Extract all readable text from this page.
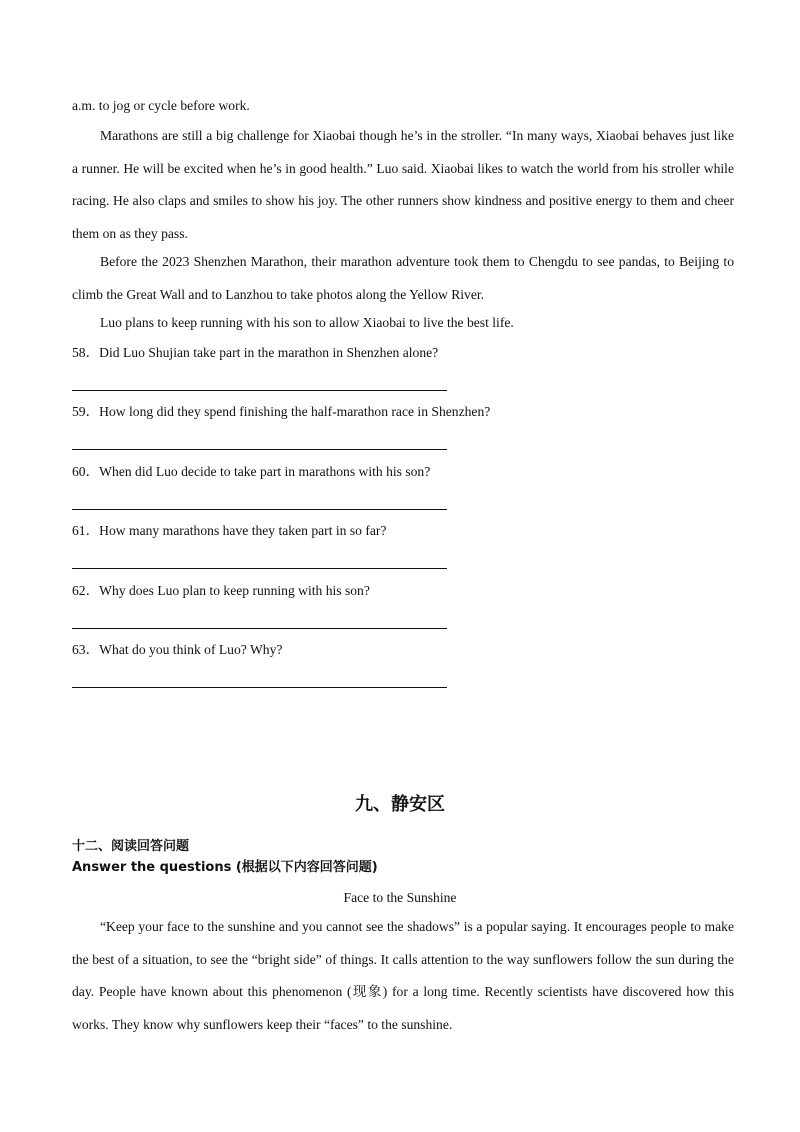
a.m. to jog or cycle before work.

Marathons are still a big challenge for Xiaobai though he’s in the stroller. “In many ways, Xiaobai behaves just like a runner. He will be excited when he’s in good health.” Luo said. Xiaobai likes to watch the world from his stroller while racing. He also claps and smiles to show his joy. The other runners show kindness and positive energy to them and cheer them on as they pass.

Before the 2023 Shenzhen Marathon, their marathon adventure took them to Chengdu to see pandas, to Beijing to climb the Great Wall and to Lanzhou to take photos along the Yellow River.

Luo plans to keep running with his son to allow Xiaobai to live the best life.

58．Did Luo Shujian take part in the marathon in Shenzhen alone?
59．How long did they spend finishing the half-marathon race in Shenzhen?
60．When did Luo decide to take part in marathons with his son?
61．How many marathons have they taken part in so far?
62．Why does Luo plan to keep running with his son?
63．What do you think of Luo? Why?
九、静安区
十二、阅读回答问题
Answer the questions (根据以下内容回答问题)
Face to the Sunshine

“Keep your face to the sunshine and you cannot see the shadows” is a popular saying. It encourages people to make the best of a situation, to see the “bright side” of things. It calls attention to the way sunflowers follow the sun during the day. People have known about this phenomenon (现象) for a long time. Recently scientists have discovered how this works. They know why sunflowers keep their “faces” to the sunshine.
